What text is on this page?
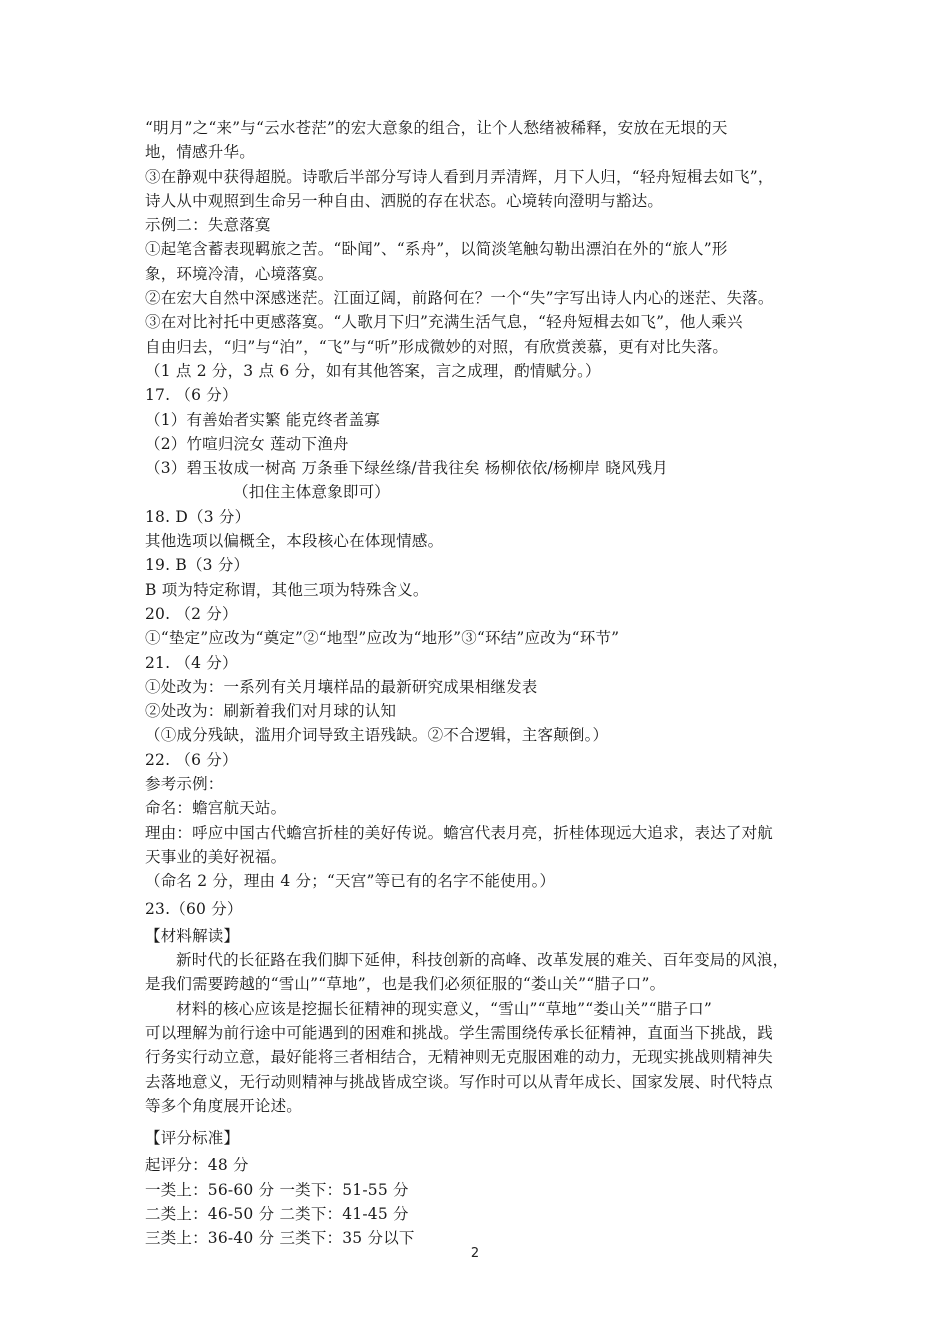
“明月”之“来”与“云水苍茫”的宏大意象的组合，让个人愁绪被稀释，安放在无垠的天
地，情感升华。
③在静观中获得超脱。诗歌后半部分写诗人看到月弄清辉，月下人归，“轻舟短楫去如飞”，
诗人从中观照到生命另一种自由、洒脱的存在状态。心境转向澄明与豁达。
示例二：失意落寞
①起笔含蓄表现羁旅之苦。“卧闻”、“系舟”，以简淡笔触勾勒出漂泊在外的“旅人”形
象，环境冷清，心境落寞。
②在宏大自然中深感迷茫。江面辽阔，前路何在？一个“失”字写出诗人内心的迷茫、失落。
③在对比衬托中更感落寞。“人歌月下归”充满生活气息，“轻舟短楫去如飞”，他人乘兴
自由归去，“归”与“泊”，“飞”与“听”形成微妙的对照，有欣赏羡慕，更有对比失落。
（1 点 2 分，3 点 6 分，如有其他答案，言之成理，酌情赋分。）
17. （6 分）
（1）有善始者实繁 能克终者盖寡
（2）竹喧归浣女 莲动下渔舟
（3）碧玉妆成一树高 万条垂下绿丝绦/昔我往矣 杨柳依依/杨柳岸 晓风残月
（扣住主体意象即可）
18. D（3 分）
其他选项以偏概全，本段核心在体现情感。
19. B（3 分）
B 项为特定称谓，其他三项为特殊含义。
20. （2 分）
①“垫定”应改为“奠定”②“地型”应改为“地形”③“环结”应改为“环节”
21. （4 分）
①处改为：一系列有关月壤样品的最新研究成果相继发表
②处改为：刷新着我们对月球的认知
（①成分残缺，滥用介词导致主语残缺。②不合逻辑，主客颠倒。）
22. （6 分）
参考示例：
命名：蟾宫航天站。
理由：呼应中国古代蟾宫折桂的美好传说。蟾宫代表月亮，折桂体现远大追求，表达了对航
天事业的美好祝福。
（命名 2 分，理由 4 分；“天宫”等已有的名字不能使用。）
23.（60 分）
【材料解读】
新时代的长征路在我们脚下延伸，科技创新的高峰、改革发展的难关、百年变局的风浪，
是我们需要跨越的“雪山”“草地”，也是我们必须征服的“娄山关”“腊子口”。
材料的核心应该是挖掘长征精神的现实意义，“雪山”“草地”“娄山关”“腊子口”
可以理解为前行途中可能遇到的困难和挑战。学生需围绕传承长征精神，直面当下挑战，践
行务实行动立意，最好能将三者相结合，无精神则无克服困难的动力，无现实挑战则精神失
去落地意义，无行动则精神与挑战皆成空谈。写作时可以从青年成长、国家发展、时代特点
等多个角度展开论述。
【评分标准】
起评分：48 分
一类上：56-60 分 一类下：51-55 分
二类上：46-50 分 二类下：41-45 分
三类上：36-40 分 三类下：35 分以下
2
